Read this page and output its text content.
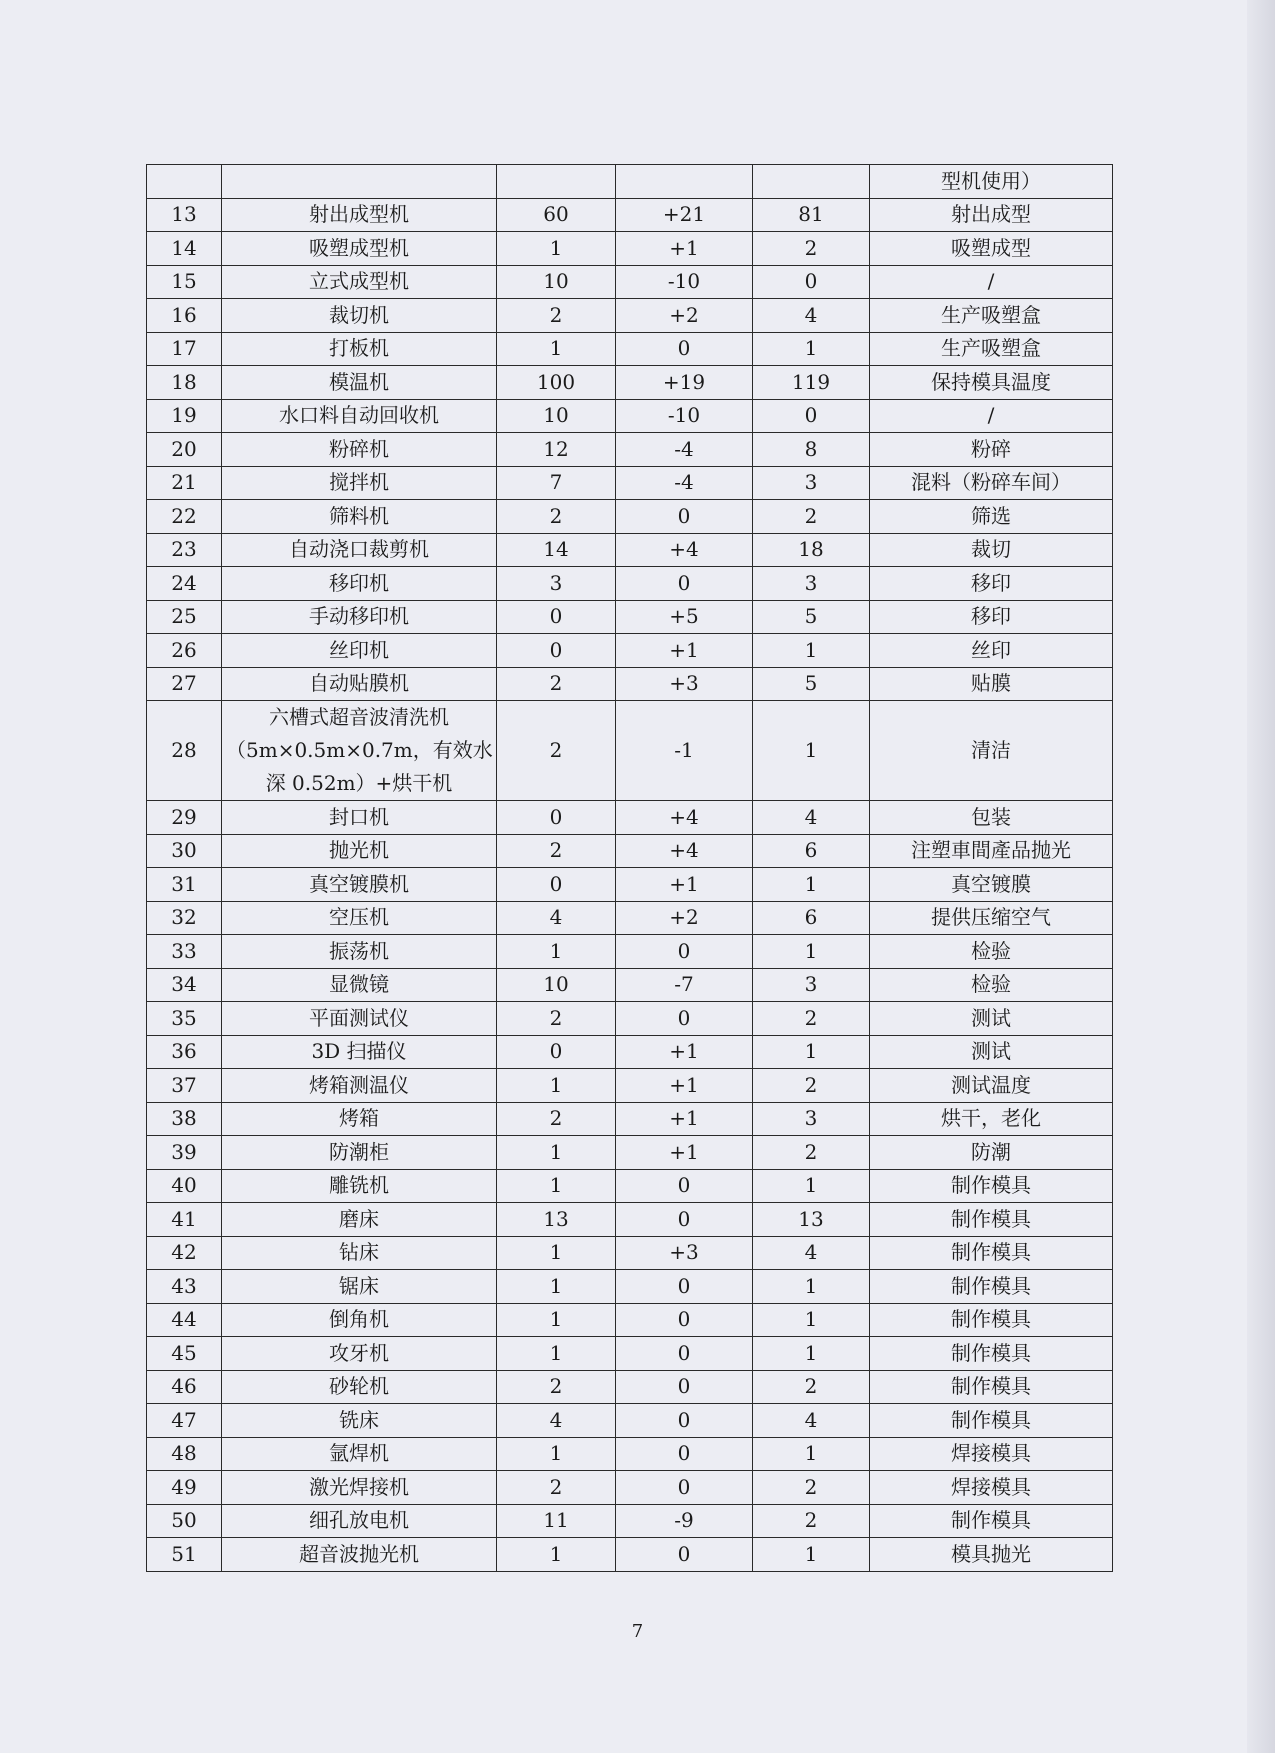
					型机使用）
13	射出成型机	60	+21	81	射出成型
14	吸塑成型机	1	+1	2	吸塑成型
15	立式成型机	10	-10	0	/
16	裁切机	2	+2	4	生产吸塑盒
17	打板机	1	0	1	生产吸塑盒
18	模温机	100	+19	119	保持模具温度
19	水口料自动回收机	10	-10	0	/
20	粉碎机	12	-4	8	粉碎
21	搅拌机	7	-4	3	混料（粉碎车间）
22	筛料机	2	0	2	筛选
23	自动浇口裁剪机	14	+4	18	裁切
24	移印机	3	0	3	移印
25	手动移印机	0	+5	5	移印
26	丝印机	0	+1	1	丝印
27	自动贴膜机	2	+3	5	贴膜
28	六槽式超音波清洗机
（5m×0.5m×0.7m，有效水
深 0.52m）+烘干机	2	-1	1	清洁
29	封口机	0	+4	4	包装
30	抛光机	2	+4	6	注塑車間產品抛光
31	真空镀膜机	0	+1	1	真空镀膜
32	空压机	4	+2	6	提供压缩空气
33	振荡机	1	0	1	检验
34	显微镜	10	-7	3	检验
35	平面测试仪	2	0	2	测试
36	3D 扫描仪	0	+1	1	测试
37	烤箱测温仪	1	+1	2	测试温度
38	烤箱	2	+1	3	烘干，老化
39	防潮柜	1	+1	2	防潮
40	雕铣机	1	0	1	制作模具
41	磨床	13	0	13	制作模具
42	钻床	1	+3	4	制作模具
43	锯床	1	0	1	制作模具
44	倒角机	1	0	1	制作模具
45	攻牙机	1	0	1	制作模具
46	砂轮机	2	0	2	制作模具
47	铣床	4	0	4	制作模具
48	氩焊机	1	0	1	焊接模具
49	激光焊接机	2	0	2	焊接模具
50	细孔放电机	11	-9	2	制作模具
51	超音波抛光机	1	0	1	模具抛光
7
